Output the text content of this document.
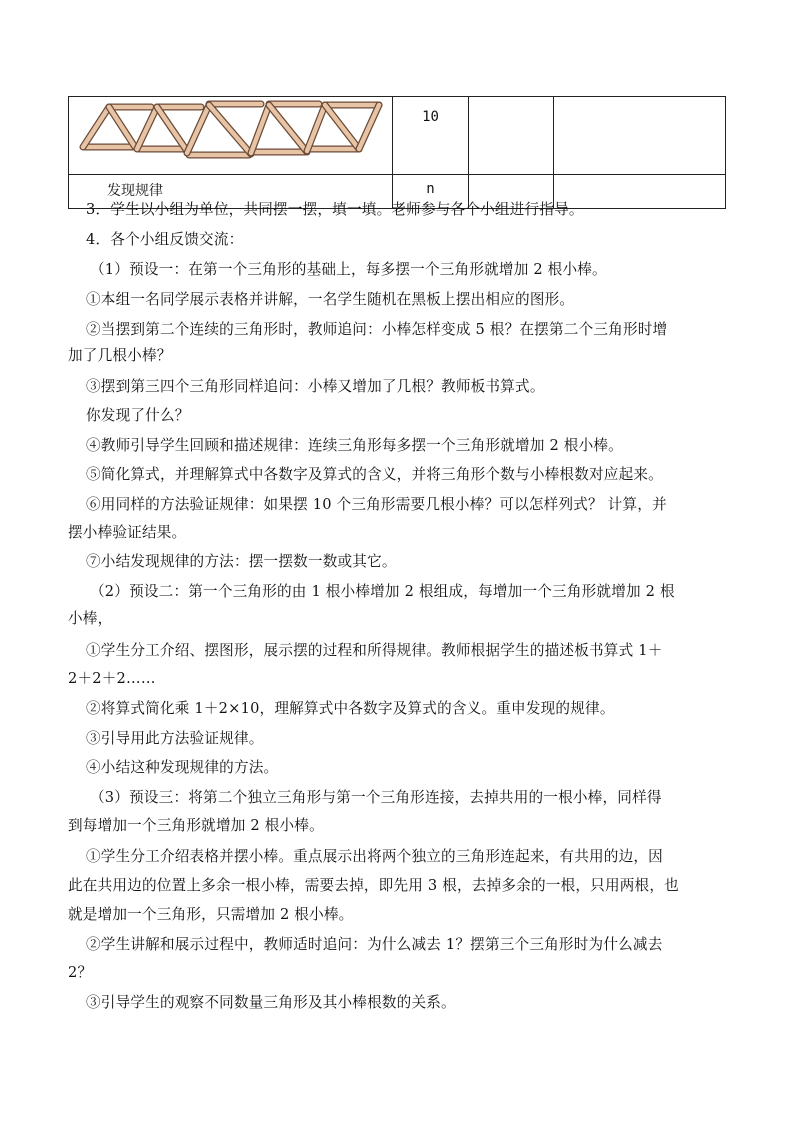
	10		
发现规律	n		
3．学生以小组为单位，共同摆一摆，填一填。老师参与各个小组进行指导。
4．各个小组反馈交流：
（1）预设一：在第一个三角形的基础上，每多摆一个三角形就增加 2 根小棒。
①本组一名同学展示表格并讲解，一名学生随机在黑板上摆出相应的图形。
②当摆到第二个连续的三角形时，教师追问：小棒怎样变成 5 根？在摆第二个三角形时增
加了几根小棒？
③摆到第三四个三角形同样追问：小棒又增加了几根？教师板书算式。
你发现了什么？
④教师引导学生回顾和描述规律：连续三角形每多摆一个三角形就增加 2 根小棒。
⑤简化算式，并理解算式中各数字及算式的含义，并将三角形个数与小棒根数对应起来。
⑥用同样的方法验证规律：如果摆 10 个三角形需要几根小棒？可以怎样列式？ 计算，并
摆小棒验证结果。
⑦小结发现规律的方法：摆一摆数一数或其它。
（2）预设二：第一个三角形的由 1 根小棒增加 2 根组成，每增加一个三角形就增加 2 根
小棒，
①学生分工介绍、摆图形，展示摆的过程和所得规律。教师根据学生的描述板书算式 1＋
2＋2＋2……
②将算式简化乘 1＋2×10，理解算式中各数字及算式的含义。重申发现的规律。
③引导用此方法验证规律。
④小结这种发现规律的方法。
（3）预设三：将第二个独立三角形与第一个三角形连接，去掉共用的一根小棒，同样得
到每增加一个三角形就增加 2 根小棒。
①学生分工介绍表格并摆小棒。重点展示出将两个独立的三角形连起来，有共用的边，因
此在共用边的位置上多余一根小棒，需要去掉，即先用 3 根，去掉多余的一根，只用两根，也
就是增加一个三角形，只需增加 2 根小棒。
②学生讲解和展示过程中，教师适时追问：为什么减去 1？摆第三个三角形时为什么减去
2？
③引导学生的观察不同数量三角形及其小棒根数的关系。
